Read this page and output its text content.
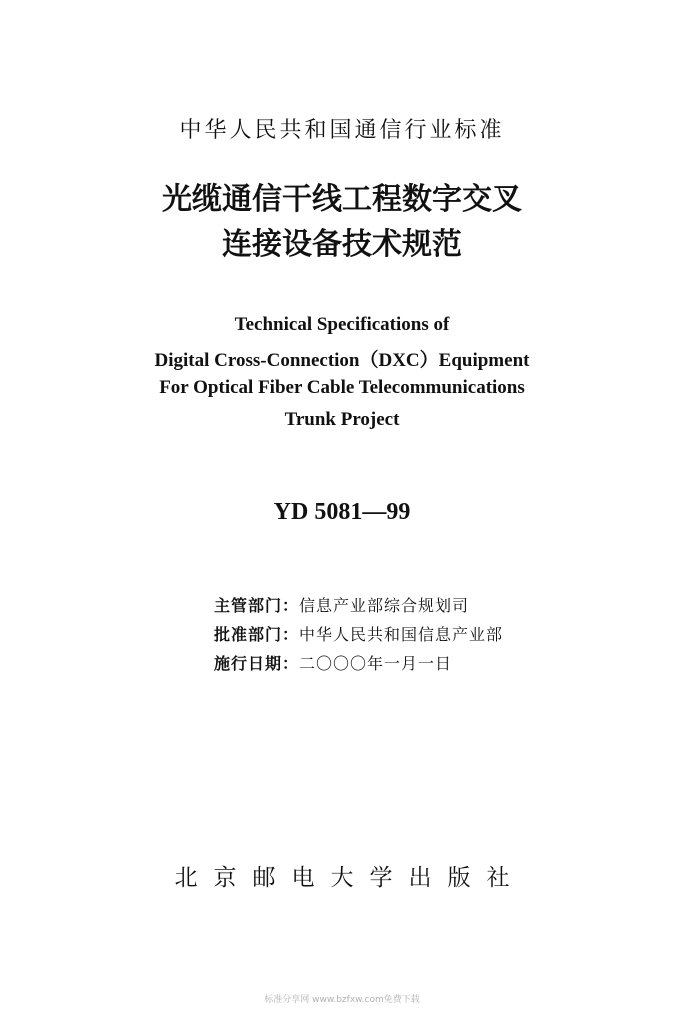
中华人民共和国通信行业标准
光缆通信干线工程数字交叉
连接设备技术规范
Technical Specifications of
Digital Cross-Connection（DXC）Equipment
For Optical Fiber Cable Telecommunications
Trunk Project
YD 5081—99
主管部门：信息产业部综合规划司
批准部门：中华人民共和国信息产业部
施行日期：二〇〇〇年一月一日
北京邮电大学出版社
标准分享网 www.bzfxw.com免费下载
